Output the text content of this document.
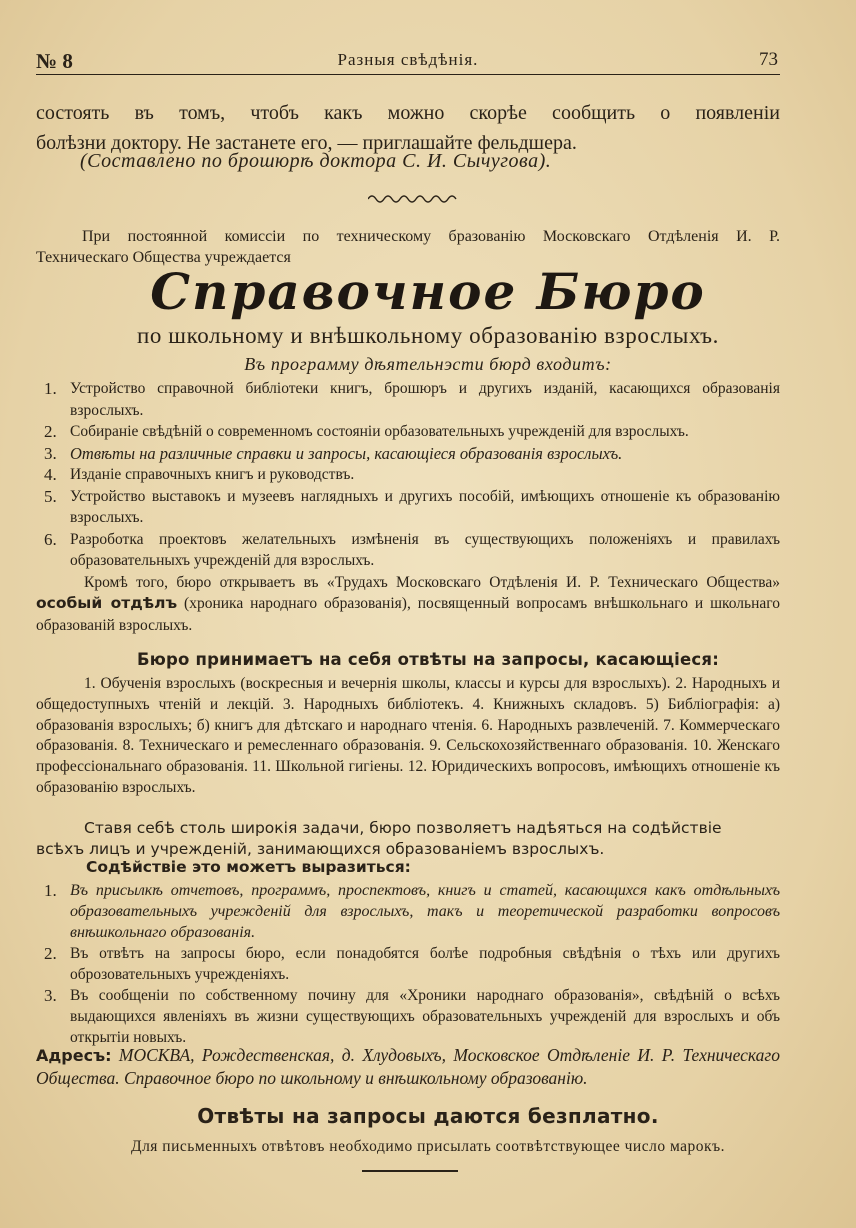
№ 8	Разныя свѣдѣнія.	73
состоять въ томъ, чтобъ какъ можно скорѣе сообщить о появленіи
болѣзни доктору. Не застанете его, — приглашайте фельдшера.
(Составлено по брошюрѣ доктора С. И. Сычугова).
При постоянной комиссіи по техническому бразованію Московскаго Отдѣленія И. Р.
Техническаго Общества учреждается
Справочное Бюро
по школьному и внѣшкольному образованію взрослыхъ.
Въ программу дѣятельнэсти бюрд входитъ:
1. Устройство справочной библіотеки книгъ, брошюръ и другихъ изданій, касающихся образованія взрослыхъ.
2. Собираніе свѣдѣній о современномъ состояніи орбазовательныхъ учрежденій для взрослыхъ.
3. Отвѣты на различные справки и запросы, касающіеся образованія взрослыхъ.
4. Изданіе справочныхъ книгъ и руководствъ.
5. Устройство выставокъ и музеевъ наглядныхъ и другихъ пособій, имѣющихъ отношеніе къ образованію взрослыхъ.
6. Разроботка проектовъ желательныхъ измѣненія въ существующихъ положеніяхъ и правилахъ образовательныхъ учрежденій для взрослыхъ.
Кромѣ того, бюро открываетъ въ «Трудахъ Московскаго Отдѣленія И. Р. Техническаго Общества» особый отдѣлъ (хроника народнаго образованія), посвященный вопросамъ внѣшкольнаго и школьнаго образованій взрослыхъ.
Бюро принимаетъ на себя отвѣты на запросы, касающіеся:
1. Обученія взрослыхъ (воскресныя и вечернія школы, классы и курсы для взрослыхъ). 2. Народныхъ и общедоступныхъ чтеній и лекцій. 3. Народныхъ библіотекъ. 4. Книжныхъ складовъ. 5) Библіографія: а) образованія взрослыхъ; б) книгъ для дѣтскаго и народнаго чтенія. 6. Народныхъ развлеченій. 7. Коммерческаго образованія. 8. Техническаго и ремесленнаго образованія. 9. Сельскохозяйственнаго образованія. 10. Женскаго профессіональнаго образованія. 11. Школьной гигіены. 12. Юридическихъ вопросовъ, имѣющихъ отношеніе къ образованію взрослыхъ.
Ставя себѣ столь широкія задачи, бюро позволяетъ надѣяться на содѣйствіе
всѣхъ лицъ и учрежденій, занимающихся образованіемъ взрослыхъ.
Содѣйствіе это можетъ выразиться:
1. Въ присылкѣ отчетовъ, программъ, проспектовъ, книгъ и статей, касающихся какъ отдѣльныхъ образовательныхъ учрежденій для взрослыхъ, такъ и теоретической разработки вопросовъ внѣшкольнаго образованія.
2. Въ отвѣтъ на запросы бюро, если понадобятся болѣе подробныя свѣдѣнія о тѣхъ или другихъ оброзовательныхъ учрежденіяхъ.
3. Въ сообщеніи по собственному почину для «Хроники народнаго образованія», свѣдѣній о всѣхъ выдающихся явленіяхъ въ жизни существующихъ образовательныхъ учрежденій для взрослыхъ и объ открытіи новыхъ.
Адресъ: МОСКВА, Рождественская, д. Хлудовыхъ, Московское Отдѣленіе И. Р. Техническаго Общества. Справочное бюро по школьному и внѣшкольному образованію.
Отвѣты на запросы даются безплатно.
Для письменныхъ отвѣтовъ необходимо присылать соотвѣтствующее число марокъ.
